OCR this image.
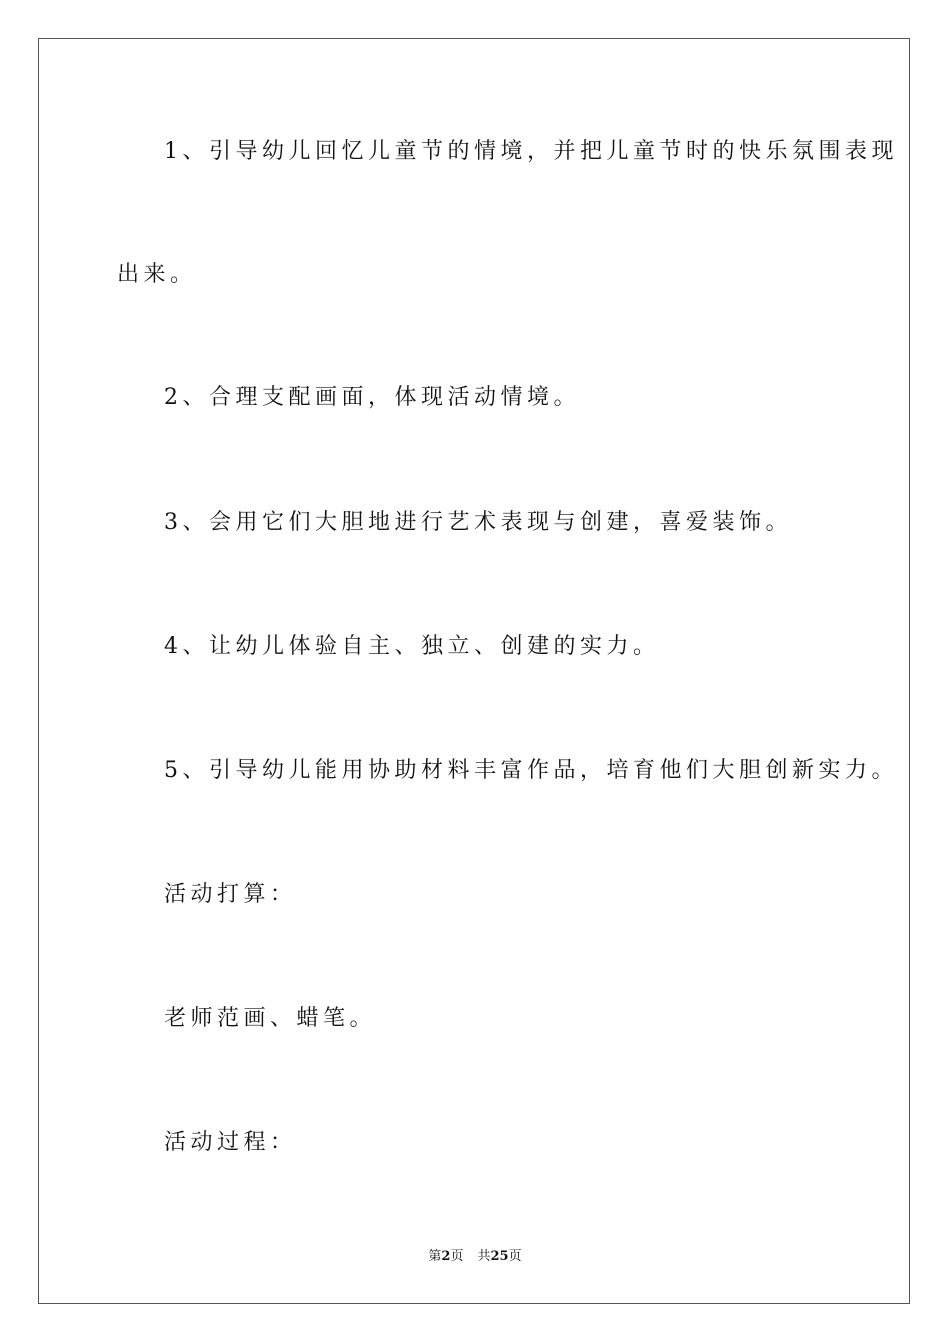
1、引导幼儿回忆儿童节的情境，并把儿童节时的快乐氛围表现
出来。
2、合理支配画面，体现活动情境。
3、会用它们大胆地进行艺术表现与创建，喜爱装饰。
4、让幼儿体验自主、独立、创建的实力。
5、引导幼儿能用协助材料丰富作品，培育他们大胆创新实力。
活动打算：
老师范画、蜡笔。
活动过程：
第2页 共25页
